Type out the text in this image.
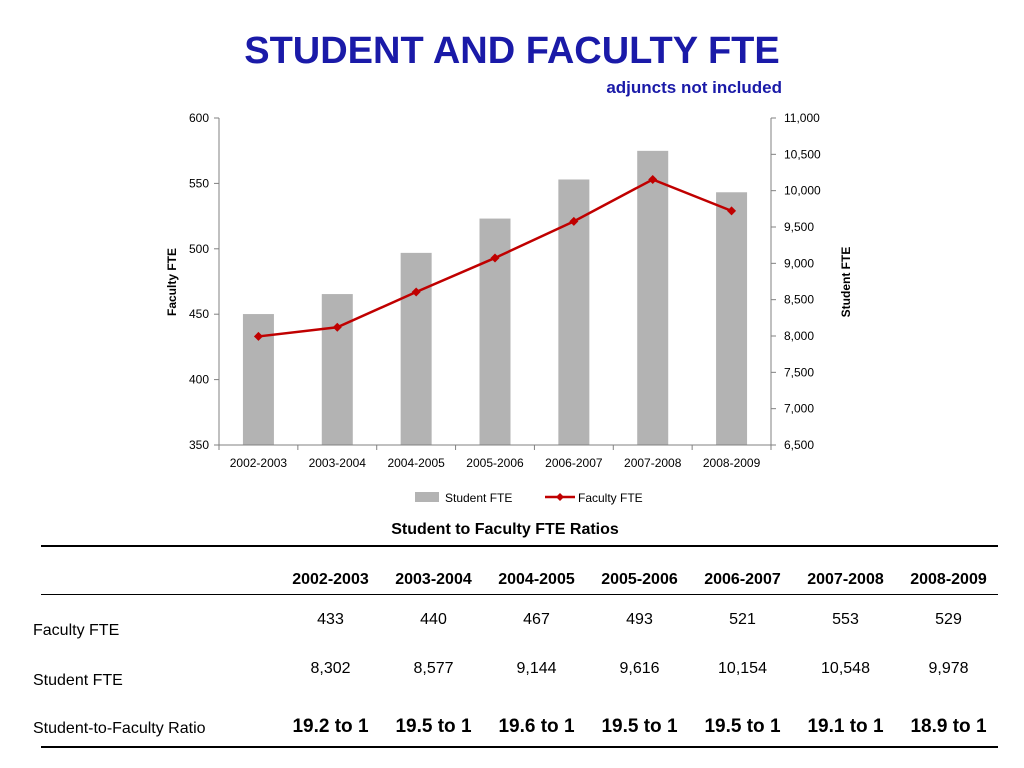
STUDENT AND FACULTY FTE
adjuncts not included
350
400
450
500
550
600
6,500
7,000
7,500
8,000
8,500
9,000
9,500
10,000
10,500
11,000
2002-2003 2003-2004 2004-2005 2005-2006 2006-2007 2007-2008 2008-2009
Faculty FTE	Student FTE
Student FTE	Faculty FTE
Student to Faculty FTE Ratios
2002-2003	2003-2004	2004-2005	2005-2006	2006-2007	2007-2008	2008-2009
Faculty FTE
433	440	467	493	521	553	529
Student FTE
8,302	8,577	9,144	9,616	10,154	10,548	9,978
Student-to-Faculty Ratio	19.2 to 1	19.5 to 1	19.6 to 1	19.5 to 1	19.5 to 1	19.1 to 1	18.9 to 1
